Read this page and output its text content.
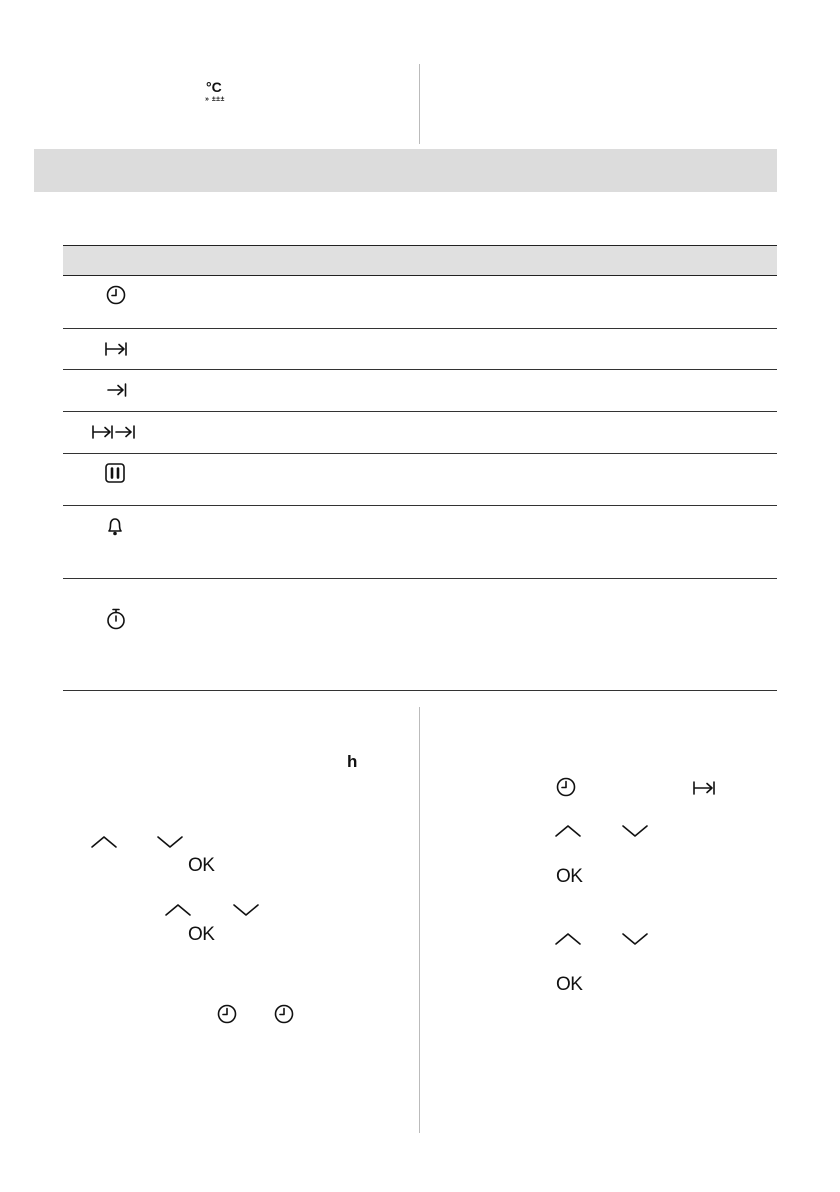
°C
» ±±±
h
OK
OK
OK
OK
